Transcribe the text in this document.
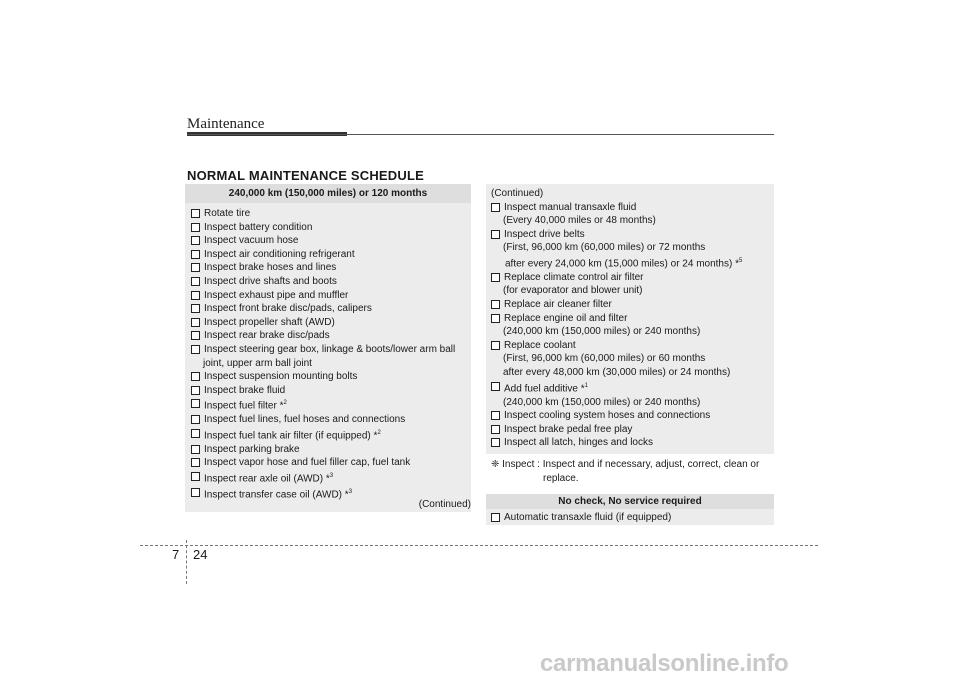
Maintenance
NORMAL MAINTENANCE SCHEDULE
240,000 km (150,000 miles) or 120 months
Rotate tire
Inspect battery condition
Inspect vacuum hose
Inspect air conditioning refrigerant
Inspect brake hoses and lines
Inspect drive shafts and boots
Inspect exhaust pipe and muffler
Inspect front brake disc/pads, calipers
Inspect propeller shaft (AWD)
Inspect rear brake disc/pads
Inspect steering gear box, linkage & boots/lower arm ball
joint, upper arm ball joint
Inspect suspension mounting bolts
Inspect brake fluid
Inspect fuel filter *$^2$
Inspect fuel lines, fuel hoses and connections
Inspect fuel tank air filter (if equipped) *$^2$
Inspect parking brake
Inspect vapor hose and fuel filler cap, fuel tank
Inspect rear axle oil (AWD) *$^3$
Inspect transfer case oil (AWD) *$^3$
(Continued)
(Continued)
Inspect manual transaxle fluid
(Every 40,000 miles or 48 months)
Inspect drive belts
(First, 96,000 km (60,000 miles) or 72 months
after every 24,000 km (15,000 miles) or 24 months) *$^5$
Replace climate control air filter
(for evaporator and blower unit)
Replace air cleaner filter
Replace engine oil and filter
(240,000 km (150,000 miles) or 240 months)
Replace coolant
(First, 96,000 km (60,000 miles) or 60 months
after every 48,000 km (30,000 miles) or 24 months)
Add fuel additive *$^1$
(240,000 km (150,000 miles) or 240 months)
Inspect cooling system hoses and connections
Inspect brake pedal free play
Inspect all latch, hinges and locks
❈ Inspect : Inspect and if necessary, adjust, correct, clean or
replace.
No check, No service required
Automatic transaxle fluid (if equipped)
7 24
carmanualsonline.info
